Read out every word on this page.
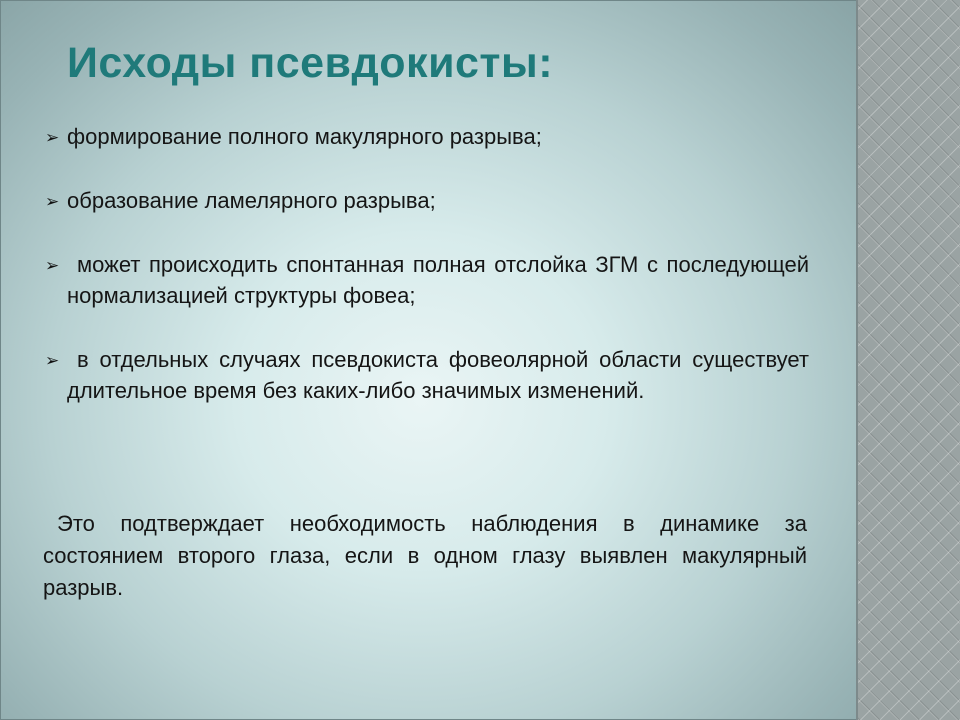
Исходы псевдокисты:
➢ формирование полного макулярного разрыва;
➢ образование ламелярного разрыва;
➢ может происходить спонтанная полная отслойка ЗГМ с последующей нормализацией структуры фовеа;
➢ в отдельных случаях псевдокиста фовеолярной области существует длительное время без каких-либо значимых изменений.

Это подтверждает необходимость наблюдения в динамике за состоянием второго глаза, если в одном глазу выявлен макулярный разрыв.
